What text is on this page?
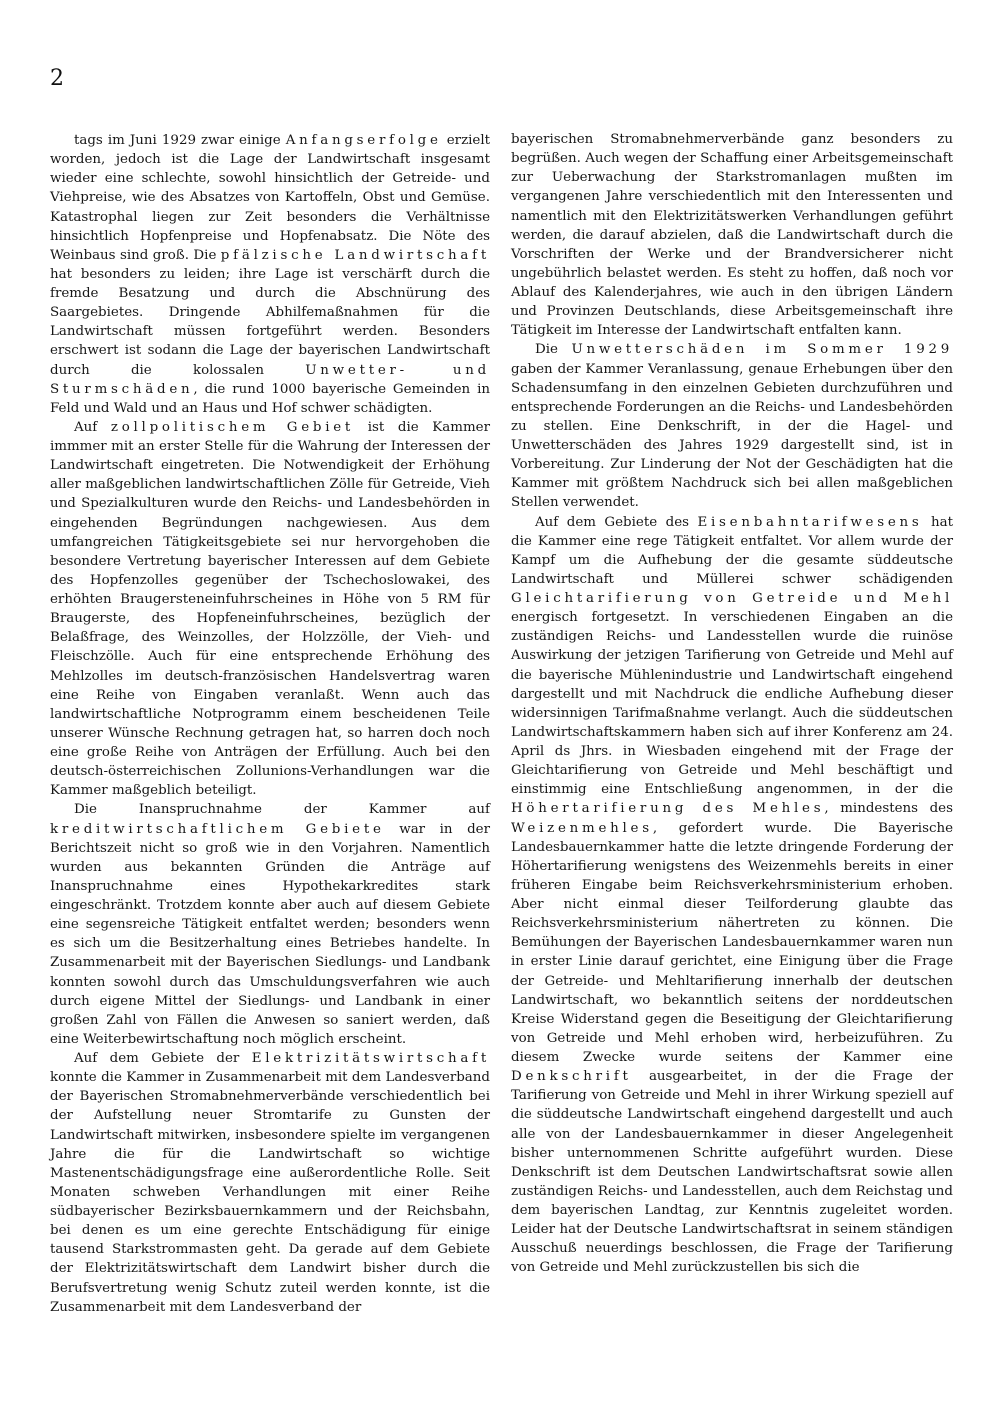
2

tags im Juni 1929 zwar einige Anfangserfolge erzielt worden, jedoch ist die Lage der Landwirtschaft insgesamt wieder eine schlechte, sowohl hinsichtlich der Getreide- und Viehpreise, wie des Absatzes von Kartoffeln, Obst und Gemüse. Katastrophal liegen zur Zeit besonders die Verhältnisse hinsichtlich Hopfenpreise und Hopfenabsatz. Die Nöte des Weinbaus sind groß. Die pfälzische Landwirtschaft hat besonders zu leiden; ihre Lage ist verschärft durch die fremde Besatzung und durch die Abschnürung des Saargebietes. Dringende Abhilfemaßnahmen für die Landwirtschaft müssen fortgeführt werden. Besonders erschwert ist sodann die Lage der bayerischen Landwirtschaft durch die kolossalen Unwetter- und Sturmschäden, die rund 1000 bayerische Gemeinden in Feld und Wald und an Haus und Hof schwer schädigten.

Auf zollpolitischem Gebiet ist die Kammer immmer mit an erster Stelle für die Wahrung der Interessen der Landwirtschaft eingetreten. Die Notwendigkeit der Erhöhung aller maßgeblichen landwirtschaftlichen Zölle für Getreide, Vieh und Spezialkulturen wurde den Reichs- und Landesbehörden in eingehenden Begründungen nachgewiesen. Aus dem umfangreichen Tätigkeitsgebiete sei nur hervorgehoben die besondere Vertretung bayerischer Interessen auf dem Gebiete des Hopfenzolles gegenüber der Tschechoslowakei, des erhöhten Braugersteneinfuhrscheines in Höhe von 5 RM für Braugerste, des Hopfeneinfuhrscheines, bezüglich der Belaßfrage, des Weinzolles, der Holzzölle, der Vieh- und Fleischzölle. Auch für eine entsprechende Erhöhung des Mehlzolles im deutsch-französischen Handelsvertrag waren eine Reihe von Eingaben veranlaßt. Wenn auch das landwirtschaftliche Notprogramm einem bescheidenen Teile unserer Wünsche Rechnung getragen hat, so harren doch noch eine große Reihe von Anträgen der Erfüllung. Auch bei den deutsch-österreichischen Zollunions-Verhandlungen war die Kammer maßgeblich beteiligt.

Die Inanspruchnahme der Kammer auf kreditwirtschaftlichem Gebiete war in der Berichtszeit nicht so groß wie in den Vorjahren. Namentlich wurden aus bekannten Gründen die Anträge auf Inanspruchnahme eines Hypothekarkredites stark eingeschränkt. Trotzdem konnte aber auch auf diesem Gebiete eine segensreiche Tätigkeit entfaltet werden; besonders wenn es sich um die Besitzerhaltung eines Betriebes handelte. In Zusammenarbeit mit der Bayerischen Siedlungs- und Landbank konnten sowohl durch das Umschuldungsverfahren wie auch durch eigene Mittel der Siedlungs- und Landbank in einer großen Zahl von Fällen die Anwesen so saniert werden, daß eine Weiterbewirtschaftung noch möglich erscheint.

Auf dem Gebiete der Elektrizitätswirtschaft konnte die Kammer in Zusammenarbeit mit dem Landesverband der Bayerischen Stromabnehmerverbände verschiedentlich bei der Aufstellung neuer Stromtarife zu Gunsten der Landwirtschaft mitwirken, insbesondere spielte im vergangenen Jahre die für die Landwirtschaft so wichtige Mastenentschädigungsfrage eine außerordentliche Rolle. Seit Monaten schweben Verhandlungen mit einer Reihe südbayerischer Bezirksbauernkammern und der Reichsbahn, bei denen es um eine gerechte Entschädigung für einige tausend Starkstrommasten geht. Da gerade auf dem Gebiete der Elektrizitätswirtschaft dem Landwirt bisher durch die Berufsvertretung wenig Schutz zuteil werden konnte, ist die Zusammenarbeit mit dem Landesverband der

bayerischen Stromabnehmerverbände ganz besonders zu begrüßen. Auch wegen der Schaffung einer Arbeitsgemeinschaft zur Ueberwachung der Starkstromanlagen mußten im vergangenen Jahre verschiedentlich mit den Interessenten und namentlich mit den Elektrizitätswerken Verhandlungen geführt werden, die darauf abzielen, daß die Landwirtschaft durch die Vorschriften der Werke und der Brandversicherer nicht ungebührlich belastet werden. Es steht zu hoffen, daß noch vor Ablauf des Kalenderjahres, wie auch in den übrigen Ländern und Provinzen Deutschlands, diese Arbeitsgemeinschaft ihre Tätigkeit im Interesse der Landwirtschaft entfalten kann.

Die Unwetterschäden im Sommer 1929 gaben der Kammer Veranlassung, genaue Erhebungen über den Schadensumfang in den einzelnen Gebieten durchzuführen und entsprechende Forderungen an die Reichs- und Landesbehörden zu stellen. Eine Denkschrift, in der die Hagel- und Unwetterschäden des Jahres 1929 dargestellt sind, ist in Vorbereitung. Zur Linderung der Not der Geschädigten hat die Kammer mit größtem Nachdruck sich bei allen maßgeblichen Stellen verwendet.

Auf dem Gebiete des Eisenbahntarifwesens hat die Kammer eine rege Tätigkeit entfaltet. Vor allem wurde der Kampf um die Aufhebung der die gesamte süddeutsche Landwirtschaft und Müllerei schwer schädigenden Gleichtarifierung von Getreide und Mehl energisch fortgesetzt. In verschiedenen Eingaben an die zuständigen Reichs- und Landesstellen wurde die ruinöse Auswirkung der jetzigen Tarifierung von Getreide und Mehl auf die bayerische Mühlenindustrie und Landwirtschaft eingehend dargestellt und mit Nachdruck die endliche Aufhebung dieser widersinnigen Tarifmaßnahme verlangt. Auch die süddeutschen Landwirtschaftskammern haben sich auf ihrer Konferenz am 24. April ds Jhrs. in Wiesbaden eingehend mit der Frage der Gleichtarifierung von Getreide und Mehl beschäftigt und einstimmig eine Entschließung angenommen, in der die Höhertarifierung des Mehles, mindestens des Weizenmehles, gefordert wurde. Die Bayerische Landesbauernkammer hatte die letzte dringende Forderung der Höhertarifierung wenigstens des Weizenmehls bereits in einer früheren Eingabe beim Reichsverkehrsministerium erhoben. Aber nicht einmal dieser Teilforderung glaubte das Reichsverkehrsministerium nähertreten zu können. Die Bemühungen der Bayerischen Landesbauernkammer waren nun in erster Linie darauf gerichtet, eine Einigung über die Frage der Getreide- und Mehltarifierung innerhalb der deutschen Landwirtschaft, wo bekanntlich seitens der norddeutschen Kreise Widerstand gegen die Beseitigung der Gleichtarifierung von Getreide und Mehl erhoben wird, herbeizuführen. Zu diesem Zwecke wurde seitens der Kammer eine Denkschrift ausgearbeitet, in der die Frage der Tarifierung von Getreide und Mehl in ihrer Wirkung speziell auf die süddeutsche Landwirtschaft eingehend dargestellt und auch alle von der Landesbauernkammer in dieser Angelegenheit bisher unternommenen Schritte aufgeführt wurden. Diese Denkschrift ist dem Deutschen Landwirtschaftsrat sowie allen zuständigen Reichs- und Landesstellen, auch dem Reichstag und dem bayerischen Landtag, zur Kenntnis zugeleitet worden. Leider hat der Deutsche Landwirtschaftsrat in seinem ständigen Ausschuß neuerdings beschlossen, die Frage der Tarifierung von Getreide und Mehl zurückzustellen bis sich die
